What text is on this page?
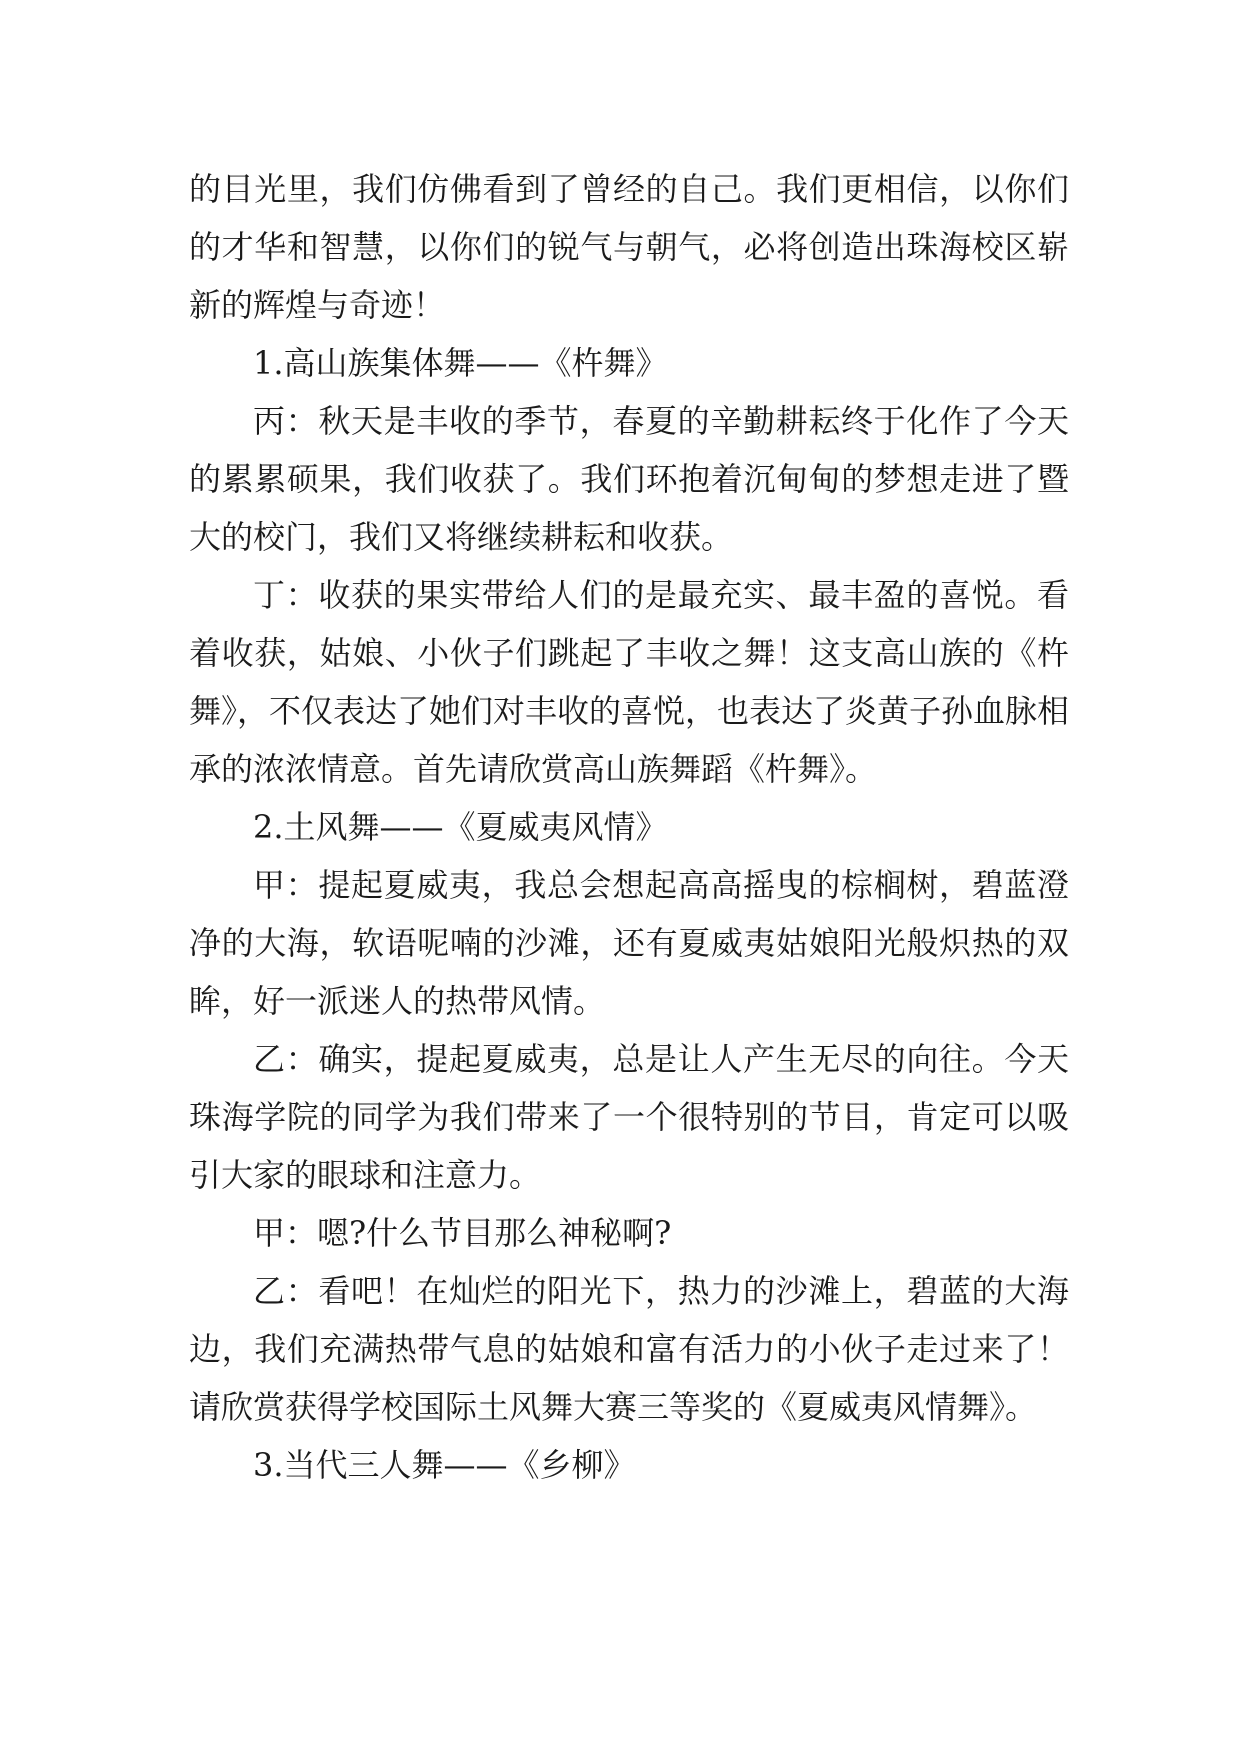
的目光里，我们仿佛看到了曾经的自己。我们更相信，以你们的才华和智慧，以你们的锐气与朝气，必将创造出珠海校区崭新的辉煌与奇迹！

1.高山族集体舞——《杵舞》

丙：秋天是丰收的季节，春夏的辛勤耕耘终于化作了今天的累累硕果，我们收获了。我们环抱着沉甸甸的梦想走进了暨大的校门，我们又将继续耕耘和收获。

丁：收获的果实带给人们的是最充实、最丰盈的喜悦。看着收获，姑娘、小伙子们跳起了丰收之舞！这支高山族的《杵舞》，不仅表达了她们对丰收的喜悦，也表达了炎黄子孙血脉相承的浓浓情意。首先请欣赏高山族舞蹈《杵舞》。

2.土风舞——《夏威夷风情》

甲：提起夏威夷，我总会想起高高摇曳的棕榈树，碧蓝澄净的大海，软语呢喃的沙滩，还有夏威夷姑娘阳光般炽热的双眸，好一派迷人的热带风情。

乙：确实，提起夏威夷，总是让人产生无尽的向往。今天珠海学院的同学为我们带来了一个很特别的节目，肯定可以吸引大家的眼球和注意力。

甲：嗯?什么节目那么神秘啊?

乙：看吧！在灿烂的阳光下，热力的沙滩上，碧蓝的大海边，我们充满热带气息的姑娘和富有活力的小伙子走过来了！请欣赏获得学校国际土风舞大赛三等奖的《夏威夷风情舞》。

3.当代三人舞——《乡柳》
